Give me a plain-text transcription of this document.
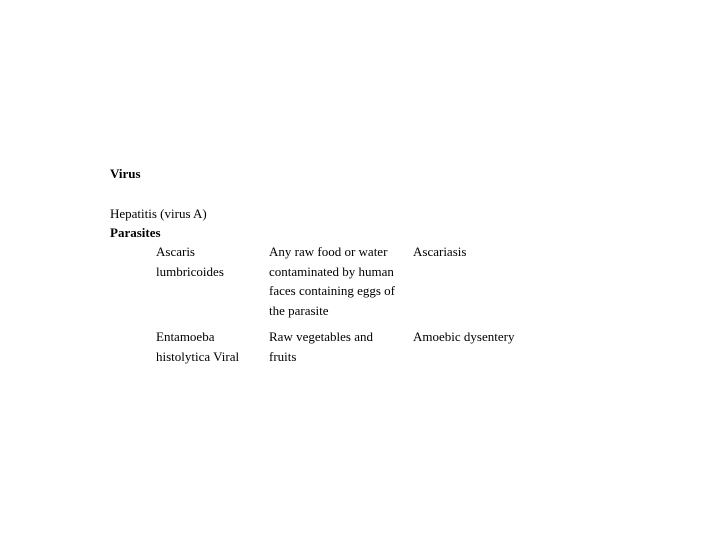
Virus
Hepatitis (virus A)
Parasites
Ascaris
lumbricoides
Any raw food or water
contaminated by human
faces containing eggs of
the parasite
Ascariasis
Entamoeba
histolytica Viral
Raw vegetables and
fruits
Amoebic dysentery
